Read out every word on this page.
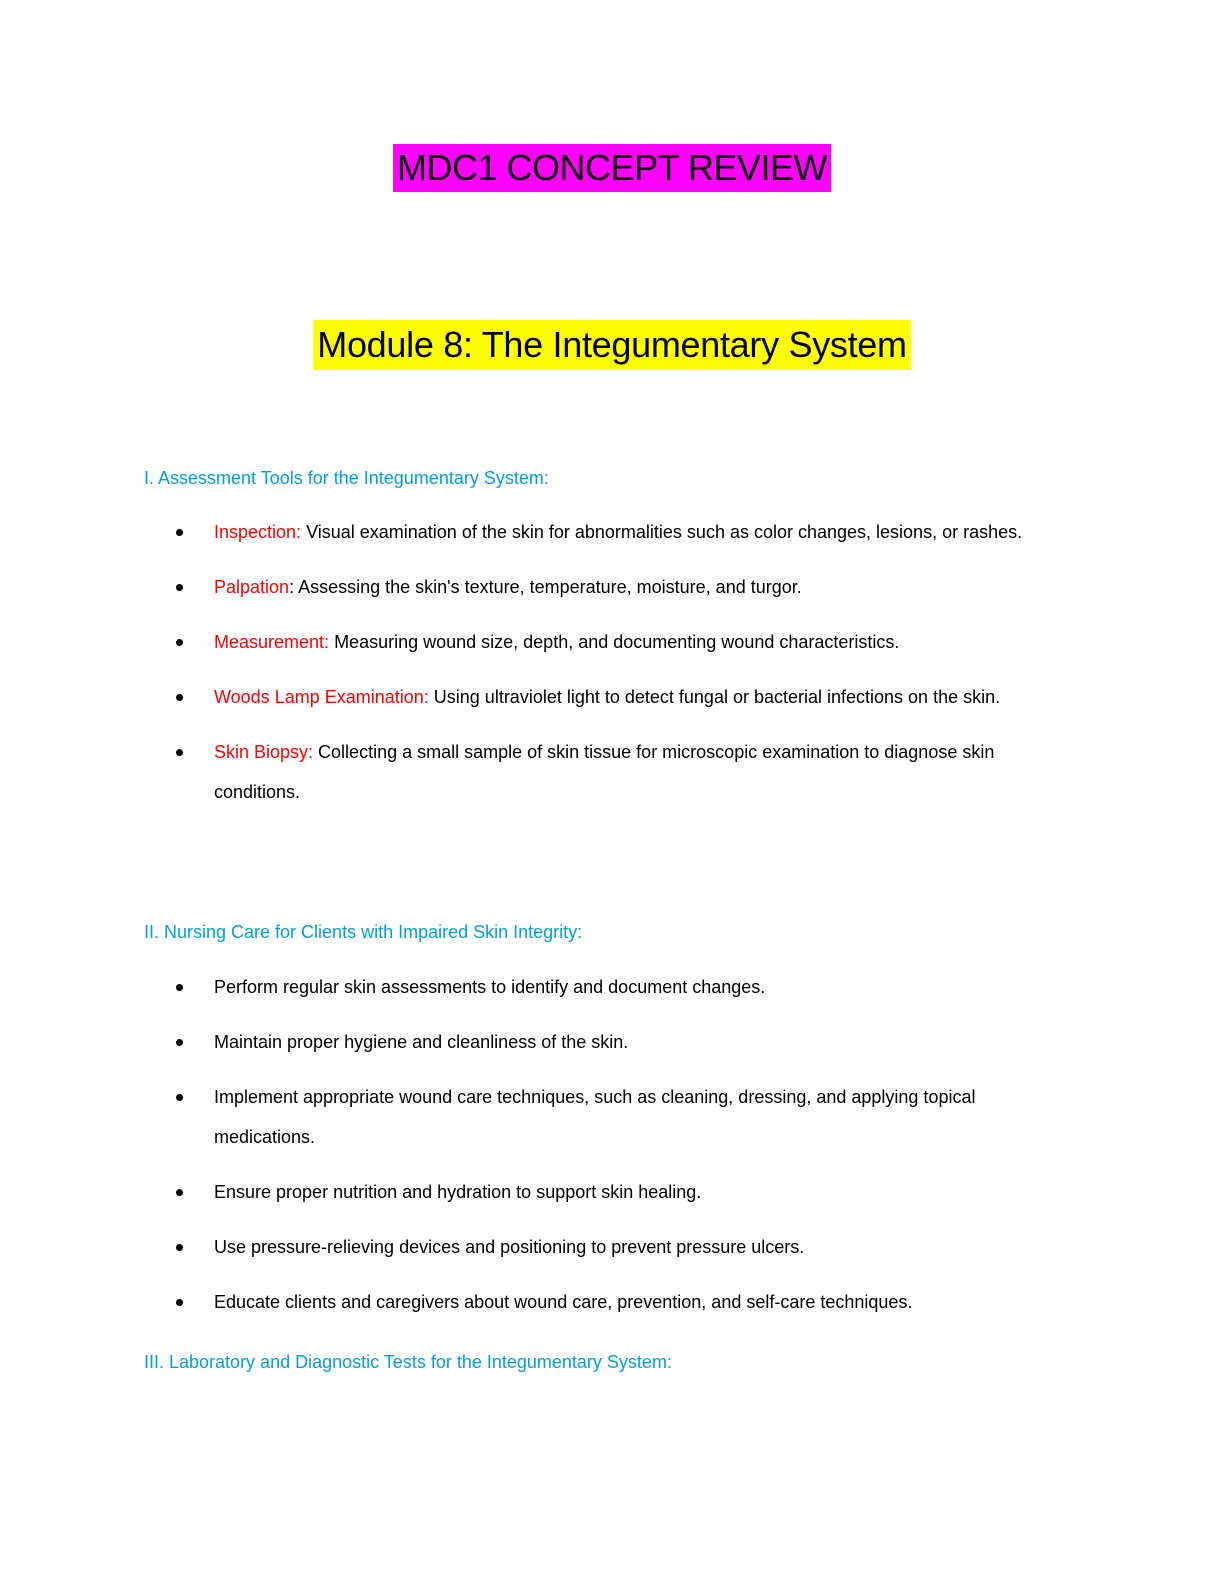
MDC1 CONCEPT REVIEW
Module 8: The Integumentary System
I. Assessment Tools for the Integumentary System:
Inspection: Visual examination of the skin for abnormalities such as color changes, lesions, or rashes.
Palpation: Assessing the skin's texture, temperature, moisture, and turgor.
Measurement: Measuring wound size, depth, and documenting wound characteristics.
Woods Lamp Examination: Using ultraviolet light to detect fungal or bacterial infections on the skin.
Skin Biopsy: Collecting a small sample of skin tissue for microscopic examination to diagnose skin conditions.
II. Nursing Care for Clients with Impaired Skin Integrity:
Perform regular skin assessments to identify and document changes.
Maintain proper hygiene and cleanliness of the skin.
Implement appropriate wound care techniques, such as cleaning, dressing, and applying topical medications.
Ensure proper nutrition and hydration to support skin healing.
Use pressure-relieving devices and positioning to prevent pressure ulcers.
Educate clients and caregivers about wound care, prevention, and self-care techniques.
III. Laboratory and Diagnostic Tests for the Integumentary System:
